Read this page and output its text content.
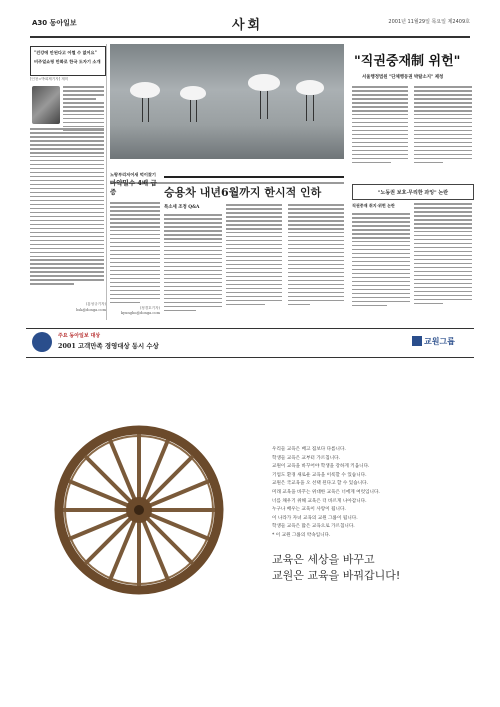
A30 동아일보	사회	2001년 11월29일 목요일 제2409호
"건강에 안된다고 어쩔 수 없어요"
비주얼쇼핑 만화로 한국 도자기 소개
[인천=박희제기자] 재미
(홍성규기자)
hsk@donga.com
노랑부리저어새 먹이찾기
"직권중재制 위헌"
서울행정법원 "단체행동권 박탈소지" 제청
마약밀수 4배 급증
(정경호기자)
kyungho@donga.com
승용차 내년6월까지 한시적 인하
특소세 조정 Q&A
"노동권 보호·무리한 과잉" 논란
직권중재 취지·위헌 논란
주요 동아일보 대상
2001 고객만족 경영대상 동시 수상	교원그룹
우리들 교육은 배고 집보다 다릅니다.
학생들 교육은 교부터 가르칩니다.
교원이 교육을 바꾸어야 학생을 강하게 키웁니다.
기업도 환경 새로운 교육을 이룩할 수 있습니다.
교원은 국교육을 오 선택 된다고 할 수 있습니다.
미래 교육을 바꾸는 위대한 교육은 너에게 여럿입니다.
너를 채우기 위해 교육은 더 바르게 나아갑니다.
누구나 배우는 교육이 사랑이 됩니다.
이 나라가 자녀 교육의 교원 그룹이 됩니다.
학생들 교육은 많은 교육으로 가르칩니다.
* 이 교원 그룹의 약속입니다.
교육은 세상을 바꾸고
교원은 교육을 바꿔갑니다!
